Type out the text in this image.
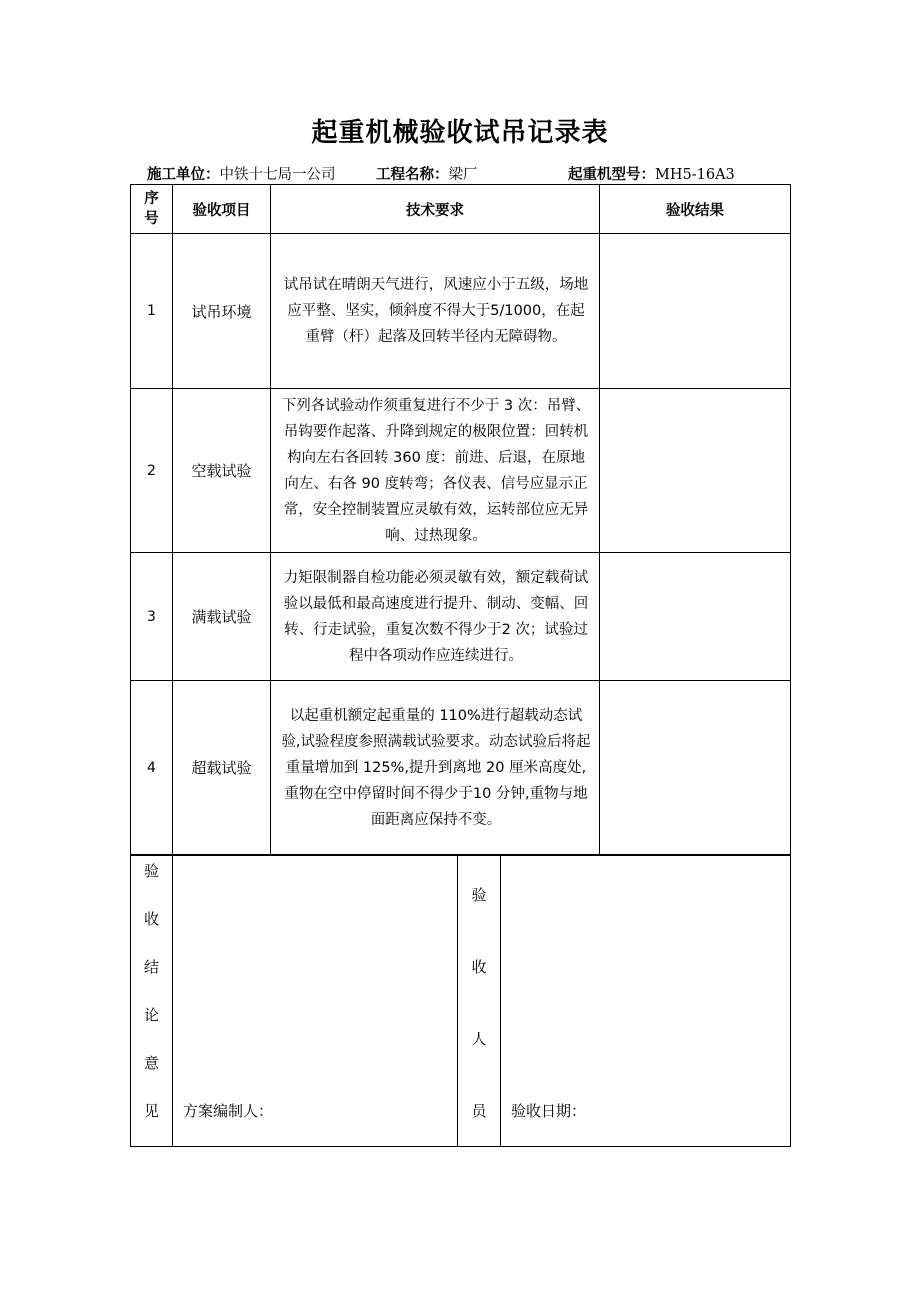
起重机械验收试吊记录表
施工单位：中铁十七局一公司	工程名称：梁厂	起重机型号：MH5-16A3
序
号	验收项目	技术要求	验收结果
1	试吊环境	试吊试在晴朗天气进行，风速应小于五级，场地应平整、坚实，倾斜度不得大于5/1000，在起重臂（杆）起落及回转半径内无障碍物。	
2	空载试验	下列各试验动作须重复进行不少于 3 次：吊臂、吊钩要作起落、升降到规定的极限位置：回转机构向左右各回转 360 度：前进、后退，在原地向左、右各 90 度转弯；各仪表、信号应显示正常，安全控制装置应灵敏有效，运转部位应无异响、过热现象。	
3	满载试验	力矩限制器自检功能必须灵敏有效，额定载荷试验以最低和最高速度进行提升、制动、变幅、回转、行走试验，重复次数不得少于2 次；试验过程中各项动作应连续进行。	
4	超载试验	以起重机额定起重量的 110%进行超载动态试验,试验程度参照满载试验要求。动态试验后将起重量增加到 125%,提升到离地 20 厘米高度处,重物在空中停留时间不得少于10 分钟,重物与地面距离应保持不变。	
验
收
结
论
意
见	方案编制人：

验
收
人
员	验收日期：
